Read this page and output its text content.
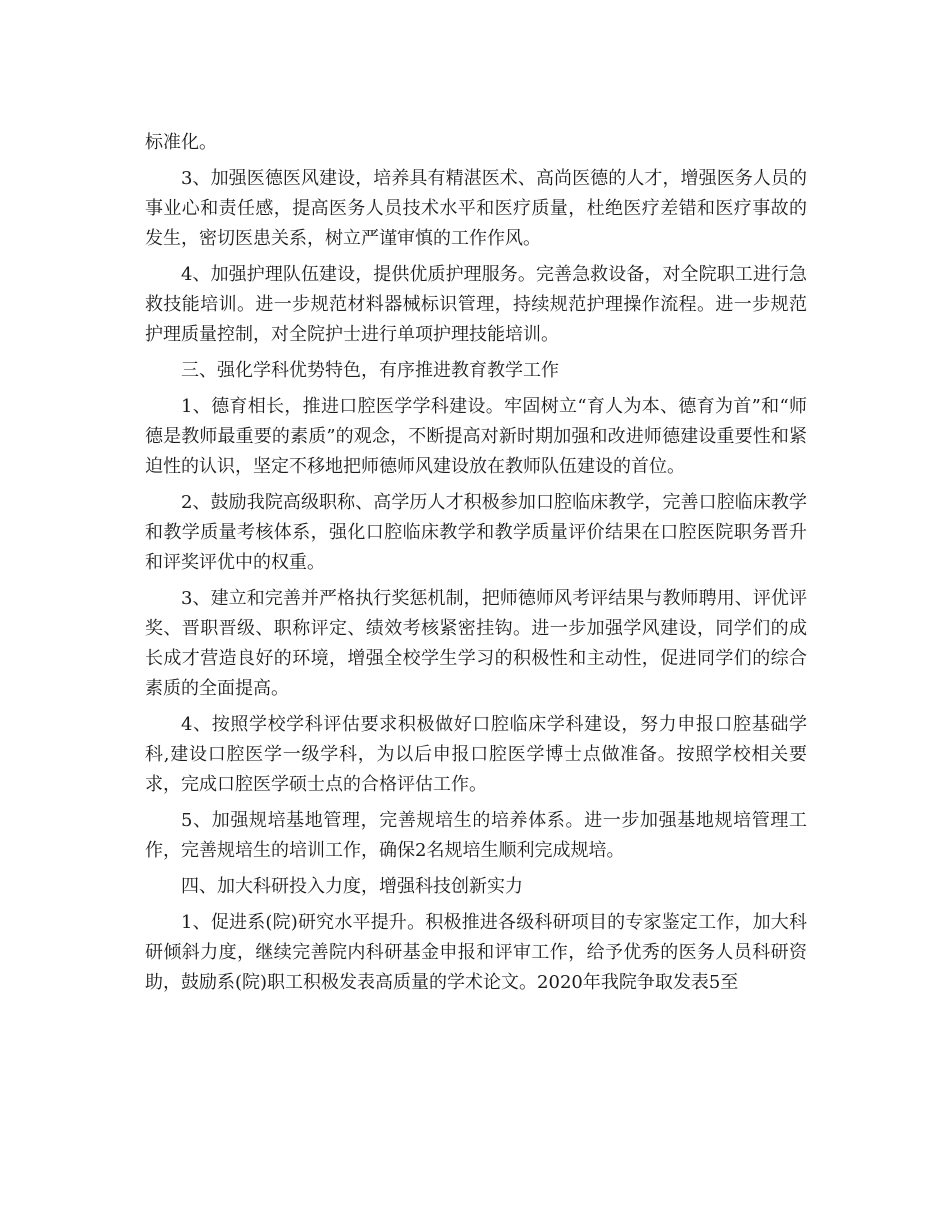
标准化。

3、加强医德医风建设，培养具有精湛医术、高尚医德的人才，增强医务人员的事业心和责任感，提高医务人员技术水平和医疗质量，杜绝医疗差错和医疗事故的发生，密切医患关系，树立严谨审慎的工作作风。

4、加强护理队伍建设，提供优质护理服务。完善急救设备，对全院职工进行急救技能培训。进一步规范材料器械标识管理，持续规范护理操作流程。进一步规范护理质量控制，对全院护士进行单项护理技能培训。

三、强化学科优势特色，有序推进教育教学工作

1、德育相长，推进口腔医学学科建设。牢固树立“育人为本、德育为首”和“师德是教师最重要的素质”的观念，不断提高对新时期加强和改进师德建设重要性和紧迫性的认识，坚定不移地把师德师风建设放在教师队伍建设的首位。

2、鼓励我院高级职称、高学历人才积极参加口腔临床教学，完善口腔临床教学和教学质量考核体系，强化口腔临床教学和教学质量评价结果在口腔医院职务晋升和评奖评优中的权重。

3、建立和完善并严格执行奖惩机制，把师德师风考评结果与教师聘用、评优评奖、晋职晋级、职称评定、绩效考核紧密挂钩。进一步加强学风建设，同学们的成长成才营造良好的环境，增强全校学生学习的积极性和主动性，促进同学们的综合素质的全面提高。

4、按照学校学科评估要求积极做好口腔临床学科建设，努力申报口腔基础学科,建设口腔医学一级学科，为以后申报口腔医学博士点做准备。按照学校相关要求，完成口腔医学硕士点的合格评估工作。

5、加强规培基地管理，完善规培生的培养体系。进一步加强基地规培管理工作，完善规培生的培训工作，确保2名规培生顺利完成规培。

四、加大科研投入力度，增强科技创新实力

1、促进系(院)研究水平提升。积极推进各级科研项目的专家鉴定工作，加大科研倾斜力度，继续完善院内科研基金申报和评审工作，给予优秀的医务人员科研资助，鼓励系(院)职工积极发表高质量的学术论文。2020年我院争取发表5至
